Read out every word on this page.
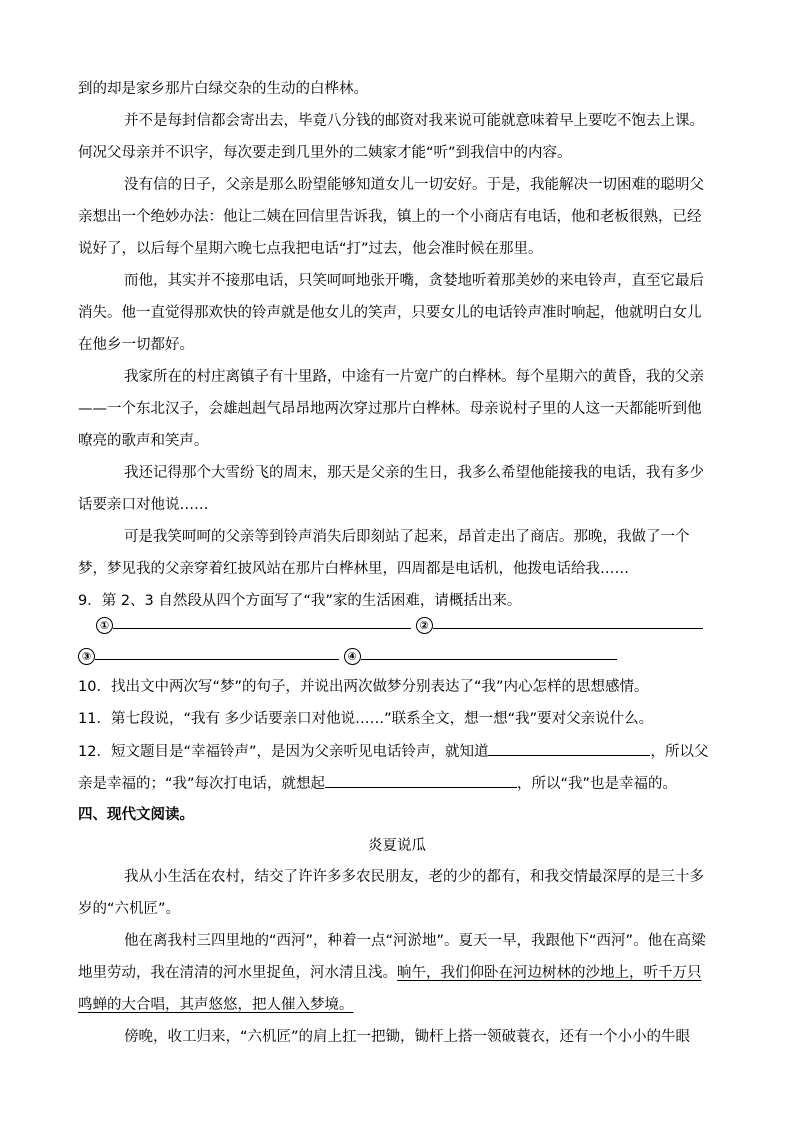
到的却是家乡那片白绿交杂的生动的白桦林。

并不是每封信都会寄出去，毕竟八分钱的邮资对我来说可能就意味着早上要吃不饱去上课。

何况父母亲并不识字，每次要走到几里外的二姨家才能“听”到我信中的内容。

没有信的日子，父亲是那么盼望能够知道女儿一切安好。于是，我能解决一切困难的聪明父

亲想出一个绝妙办法：他让二姨在回信里告诉我，镇上的一个小商店有电话，他和老板很熟，已经

说好了，以后每个星期六晚七点我把电话“打”过去，他会准时候在那里。

而他，其实并不接那电话，只笑呵呵地张开嘴，贪婪地听着那美妙的来电铃声，直至它最后

消失。他一直觉得那欢快的铃声就是他女儿的笑声，只要女儿的电话铃声准时响起，他就明白女儿

在他乡一切都好。

我家所在的村庄离镇子有十里路，中途有一片宽广的白桦林。每个星期六的黄昏，我的父亲

——一个东北汉子，会雄赳赳气昂昂地两次穿过那片白桦林。母亲说村子里的人这一天都能听到他

嘹亮的歌声和笑声。

我还记得那个大雪纷飞的周末，那天是父亲的生日，我多么希望他能接我的电话，我有多少

话要亲口对他说……

可是我笑呵呵的父亲等到铃声消失后即刻站了起来，昂首走出了商店。那晚，我做了一个

梦，梦见我的父亲穿着红披风站在那片白桦林里，四周都是电话机，他拨电话给我……

9．第 2、3 自然段从四个方面写了“我”家的生活困难，请概括出来。

①	②
③	④

10．找出文中两次写“梦”的句子，并说出两次做梦分别表达了“我”内心怎样的思想感情。

11．第七段说，“我有 多少话要亲口对他说……”联系全文，想一想“我”要对父亲说什么。

12．短文题目是“幸福铃声”，是因为父亲听见电话铃声，就知道	，所以父
亲是幸福的；“我”每次打电话，就想起	，所以“我”也是幸福的。

四、现代文阅读。

炎夏说瓜

我从小生活在农村，结交了许许多多农民朋友，老的少的都有，和我交情最深厚的是三十多

岁的“六机匠”。

他在离我村三四里地的“西河”，种着一点“河淤地”。夏天一早，我跟他下“西河”。他在高粱

地里劳动，我在清清的河水里捉鱼，河水清且浅。晌午，我们仰卧在河边树林的沙地上，听千万只

鸣蝉的大合唱，其声悠悠，把人催入梦境。

傍晚，收工归来，“六机匠”的肩上扛一把锄，锄杆上搭一领破蓑衣，还有一个小小的牛眼
